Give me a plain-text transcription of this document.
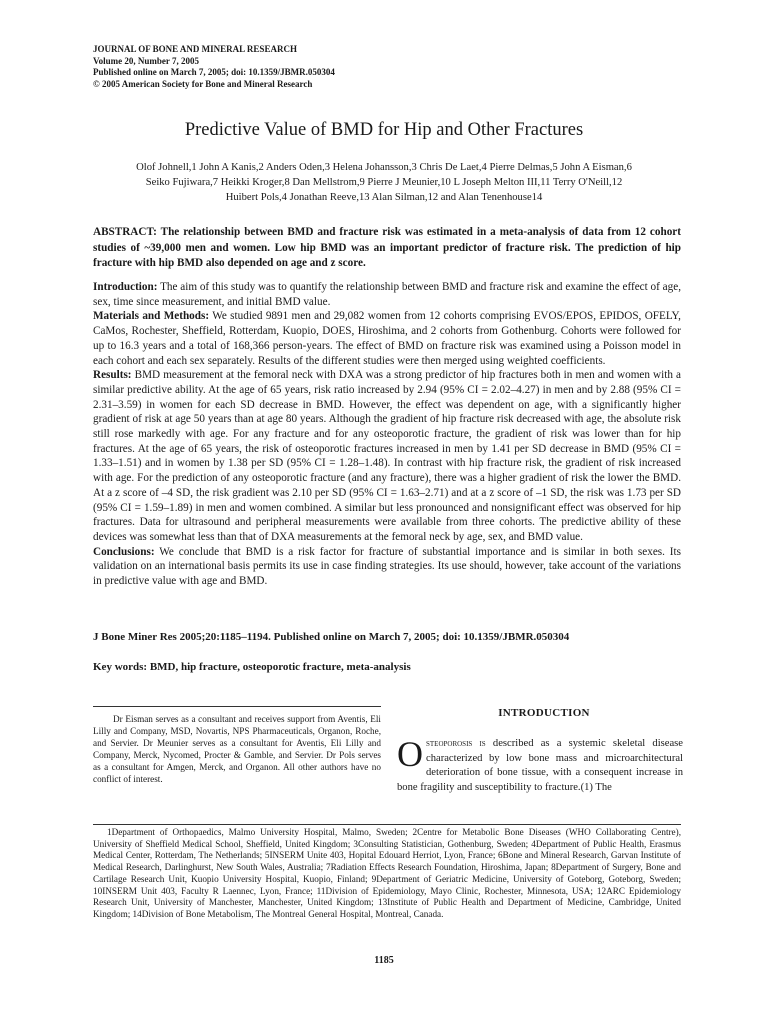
JOURNAL OF BONE AND MINERAL RESEARCH
Volume 20, Number 7, 2005
Published online on March 7, 2005; doi: 10.1359/JBMR.050304
© 2005 American Society for Bone and Mineral Research
Predictive Value of BMD for Hip and Other Fractures
Olof Johnell,1 John A Kanis,2 Anders Oden,3 Helena Johansson,3 Chris De Laet,4 Pierre Delmas,5 John A Eisman,6
Seiko Fujiwara,7 Heikki Kroger,8 Dan Mellstrom,9 Pierre J Meunier,10 L Joseph Melton III,11 Terry O'Neill,12
Huibert Pols,4 Jonathan Reeve,13 Alan Silman,12 and Alan Tenenhouse14
ABSTRACT: The relationship between BMD and fracture risk was estimated in a meta-analysis of data from 12 cohort studies of ~39,000 men and women. Low hip BMD was an important predictor of fracture risk. The prediction of hip fracture with hip BMD also depended on age and z score.

Introduction: The aim of this study was to quantify the relationship between BMD and fracture risk and examine the effect of age, sex, time since measurement, and initial BMD value.

Materials and Methods: We studied 9891 men and 29,082 women from 12 cohorts comprising EVOS/EPOS, EPIDOS, OFELY, CaMos, Rochester, Sheffield, Rotterdam, Kuopio, DOES, Hiroshima, and 2 cohorts from Gothenburg. Cohorts were followed for up to 16.3 years and a total of 168,366 person-years. The effect of BMD on fracture risk was examined using a Poisson model in each cohort and each sex separately. Results of the different studies were then merged using weighted coefficients.

Results: BMD measurement at the femoral neck with DXA was a strong predictor of hip fractures both in men and women with a similar predictive ability. At the age of 65 years, risk ratio increased by 2.94 (95% CI = 2.02–4.27) in men and by 2.88 (95% CI = 2.31–3.59) in women for each SD decrease in BMD. However, the effect was dependent on age, with a significantly higher gradient of risk at age 50 years than at age 80 years. Although the gradient of hip fracture risk decreased with age, the absolute risk still rose markedly with age. For any fracture and for any osteoporotic fracture, the gradient of risk was lower than for hip fractures. At the age of 65 years, the risk of osteoporotic fractures increased in men by 1.41 per SD decrease in BMD (95% CI = 1.33–1.51) and in women by 1.38 per SD (95% CI = 1.28–1.48). In contrast with hip fracture risk, the gradient of risk increased with age. For the prediction of any osteoporotic fracture (and any fracture), there was a higher gradient of risk the lower the BMD. At a z score of –4 SD, the risk gradient was 2.10 per SD (95% CI = 1.63–2.71) and at a z score of –1 SD, the risk was 1.73 per SD (95% CI = 1.59–1.89) in men and women combined. A similar but less pronounced and nonsignificant effect was observed for hip fractures. Data for ultrasound and peripheral measurements were available from three cohorts. The predictive ability of these devices was somewhat less than that of DXA measurements at the femoral neck by age, sex, and BMD value.

Conclusions: We conclude that BMD is a risk factor for fracture of substantial importance and is similar in both sexes. Its validation on an international basis permits its use in case finding strategies. Its use should, however, take account of the variations in predictive value with age and BMD.

J Bone Miner Res 2005;20:1185–1194. Published online on March 7, 2005; doi: 10.1359/JBMR.050304
Key words: BMD, hip fracture, osteoporotic fracture, meta-analysis
Dr Eisman serves as a consultant and receives support from Aventis, Eli Lilly and Company, MSD, Novartis, NPS Pharmaceuticals, Organon, Roche, and Servier. Dr Meunier serves as a consultant for Aventis, Eli Lilly and Company, Merck, Nycomed, Procter & Gamble, and Servier. Dr Pols serves as a consultant for Amgen, Merck, and Organon. All other authors have no conflict of interest.
INTRODUCTION
Osteoporosis is described as a systemic skeletal disease characterized by low bone mass and microarchitectural deterioration of bone tissue, with a consequent increase in bone fragility and susceptibility to fracture.(1) The
1Department of Orthopaedics, Malmo University Hospital, Malmo, Sweden; 2Centre for Metabolic Bone Diseases (WHO Collaborating Centre), University of Sheffield Medical School, Sheffield, United Kingdom; 3Consulting Statistician, Gothenburg, Sweden; 4Department of Public Health, Erasmus Medical Center, Rotterdam, The Netherlands; 5INSERM Unite 403, Hopital Edouard Herriot, Lyon, France; 6Bone and Mineral Research, Garvan Institute of Medical Research, Darlinghurst, New South Wales, Australia; 7Radiation Effects Research Foundation, Hiroshima, Japan; 8Department of Surgery, Bone and Cartilage Research Unit, Kuopio University Hospital, Kuopio, Finland; 9Department of Geriatric Medicine, University of Goteborg, Goteborg, Sweden; 10INSERM Unit 403, Faculty R Laennec, Lyon, France; 11Division of Epidemiology, Mayo Clinic, Rochester, Minnesota, USA; 12ARC Epidemiology Research Unit, University of Manchester, Manchester, United Kingdom; 13Institute of Public Health and Department of Medicine, Cambridge, United Kingdom; 14Division of Bone Metabolism, The Montreal General Hospital, Montreal, Canada.
1185
